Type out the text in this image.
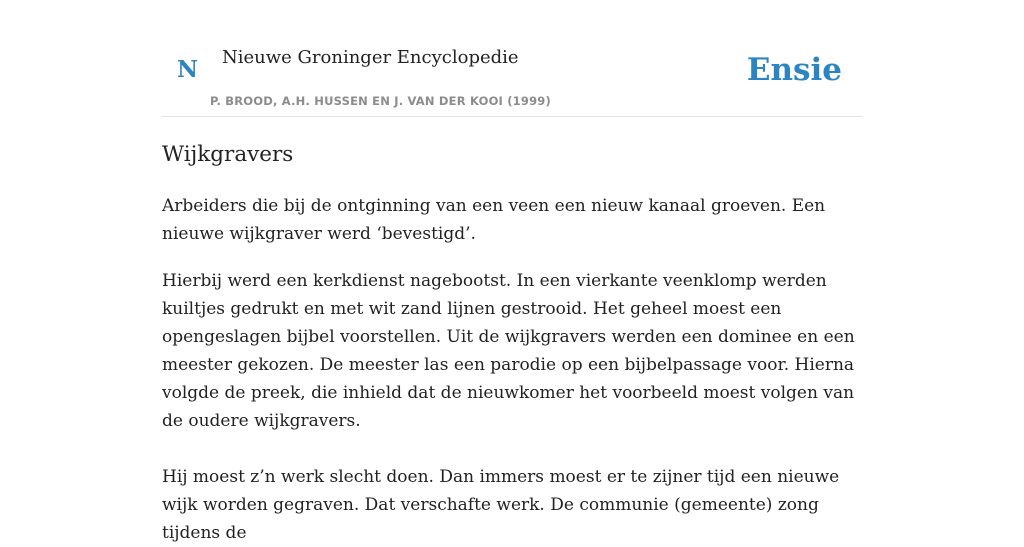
N Nieuwe Groninger Encyclopedie
P. BROOD, A.H. HUSSEN EN J. VAN DER KOOI (1999)
Ensie
Wijkgravers

Arbeiders die bij de ontginning van een veen een nieuw kanaal groeven. Een nieuwe wijkgraver werd ‘bevestigd’.

Hierbij werd een kerkdienst nagebootst. In een vierkante veenklomp werden kuiltjes gedrukt en met wit zand lijnen gestrooid. Het geheel moest een opengeslagen bijbel voorstellen. Uit de wijkgravers werden een dominee en een meester gekozen. De meester las een parodie op een bijbelpassage voor. Hierna volgde de preek, die inhield dat de nieuwkomer het voorbeeld moest volgen van de oudere wijkgravers.

Hij moest z’n werk slecht doen. Dan immers moest er te zijner tijd een nieuwe wijk worden gegraven. Dat verschafte werk. De communie (gemeente) zong tijdens de
